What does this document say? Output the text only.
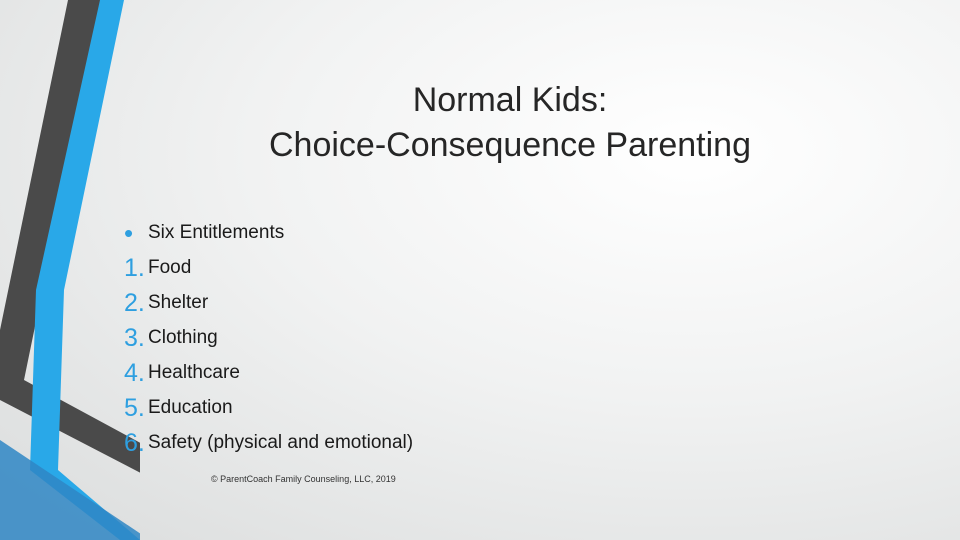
Normal Kids:
Choice-Consequence Parenting
• Six Entitlements
1. Food
2. Shelter
3. Clothing
4. Healthcare
5. Education
6. Safety (physical and emotional)
© ParentCoach Family Counseling, LLC, 2019
